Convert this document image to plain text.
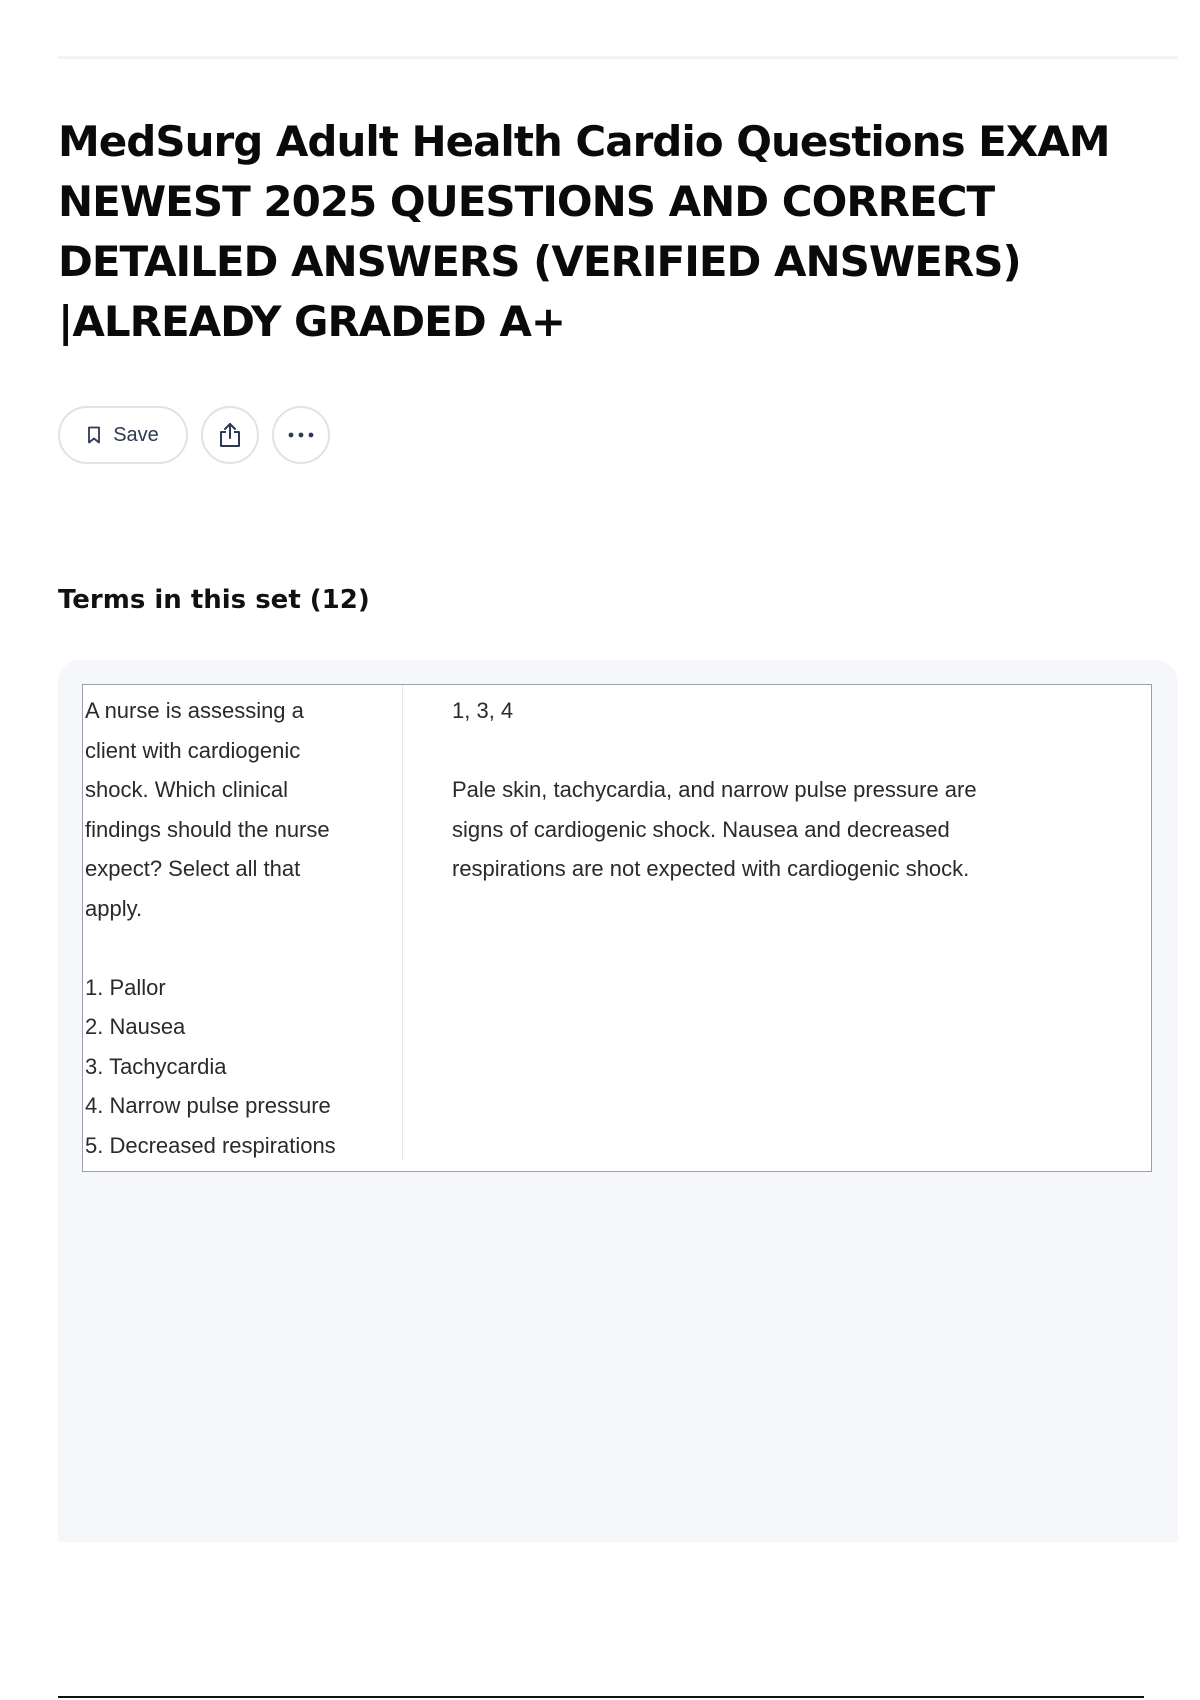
MedSurg Adult Health Cardio Questions EXAM
NEWEST 2025 QUESTIONS AND CORRECT
DETAILED ANSWERS (VERIFIED ANSWERS)
|ALREADY GRADED A+
Save
Terms in this set (12)
A nurse is assessing a
client with cardiogenic
shock. Which clinical
findings should the nurse
expect? Select all that
apply.
1. Pallor
2. Nausea
3. Tachycardia
4. Narrow pulse pressure
5. Decreased respirations
1, 3, 4
Pale skin, tachycardia, and narrow pulse pressure are
signs of cardiogenic shock. Nausea and decreased
respirations are not expected with cardiogenic shock.
